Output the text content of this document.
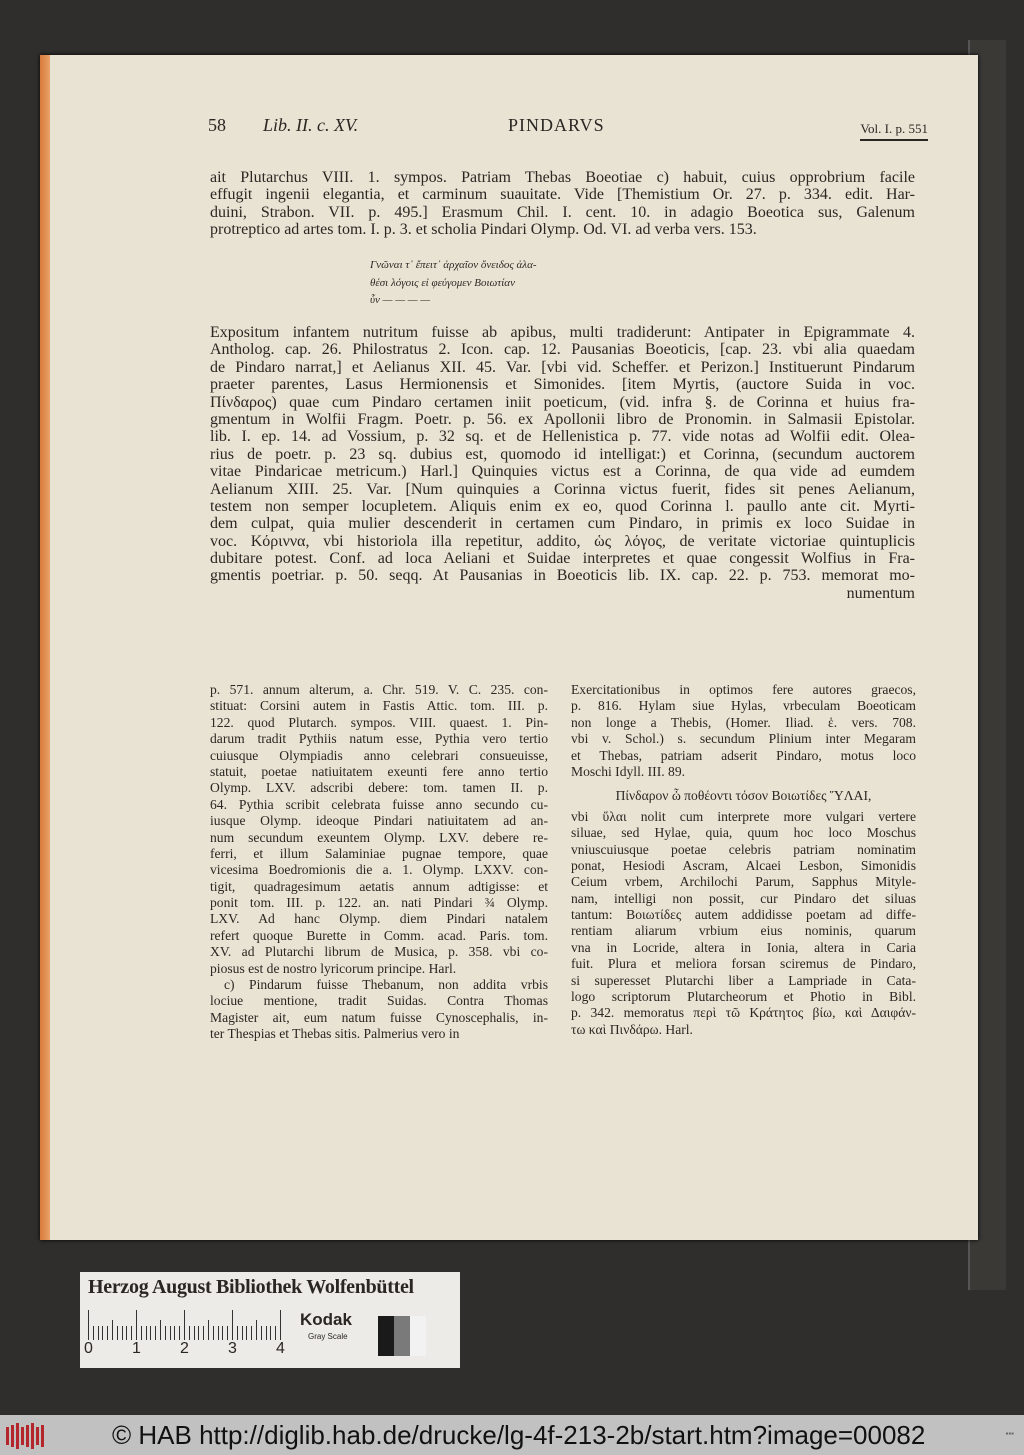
58 Lib. II. c. XV.	PINDARVS	Vol. I. p. 551
ait Plutarchus VIII. 1. sympos. Patriam Thebas Boeotiae c) habuit, cuius opprobrium facile
effugit ingenii elegantia, et carminum suauitate. Vide [Themistium Or. 27. p. 334. edit. Har-
duini, Strabon. VII. p. 495.] Erasmum Chil. I. cent. 10. in adagio Boeotica sus, Galenum
protreptico ad artes tom. I. p. 3. et scholia Pindari Olymp. Od. VI. ad verba vers. 153.
Γνῶναι τ᾽ ἔπειτ᾽ ἀρχαῖον ὄνειδος ἀλα-
θέσι λόγοις εἰ φεύγομεν Βοιωτίαν
ὗν — — — —
Expositum infantem nutritum fuisse ab apibus, multi tradiderunt: Antipater in Epigrammate 4.
Antholog. cap. 26. Philostratus 2. Icon. cap. 12. Pausanias Boeoticis, [cap. 23. vbi alia quaedam
de Pindaro narrat,] et Aelianus XII. 45. Var. [vbi vid. Scheffer. et Perizon.] Instituerunt Pindarum
praeter parentes, Lasus Hermionensis et Simonides. [item Myrtis, (auctore Suida in voc.
Πίνδαρος) quae cum Pindaro certamen iniit poeticum, (vid. infra §. de Corinna et huius fra-
gmentum in Wolfii Fragm. Poetr. p. 56. ex Apollonii libro de Pronomin. in Salmasii Epistolar.
lib. I. ep. 14. ad Vossium, p. 32 sq. et de Hellenistica p. 77. vide notas ad Wolfii edit. Olea-
rius de poetr. p. 23 sq. dubius est, quomodo id intelligat:) et Corinna, (secundum auctorem
vitae Pindaricae metricum.) Harl.] Quinquies victus est a Corinna, de qua vide ad eumdem
Aelianum XIII. 25. Var. [Num quinquies a Corinna victus fuerit, fides sit penes Aelianum,
testem non semper locupletem. Aliquis enim ex eo, quod Corinna l. paullo ante cit. Myrti-
dem culpat, quia mulier descenderit in certamen cum Pindaro, in primis ex loco Suidae in
voc. Κόριννα, vbi historiola illa repetitur, addito, ὡς λόγος, de veritate victoriae quintuplicis
dubitare potest. Conf. ad loca Aeliani et Suidae interpretes et quae congessit Wolfius in Fra-
gmentis poetriar. p. 50. seqq. At Pausanias in Boeoticis lib. IX. cap. 22. p. 753. memorat mo-
numentum
p. 571. annum alterum, a. Chr. 519. V. C. 235. con-
stituat: Corsini autem in Fastis Attic. tom. III. p.
122. quod Plutarch. sympos. VIII. quaest. 1. Pin-
darum tradit Pythiis natum esse, Pythia vero tertio
cuiusque Olympiadis anno celebrari consueuisse,
statuit, poetae natiuitatem exeunti fere anno tertio
Olymp. LXV. adscribi debere: tom. tamen II. p.
64. Pythia scribit celebrata fuisse anno secundo cu-
iusque Olymp. ideoque Pindari natiuitatem ad an-
num secundum exeuntem Olymp. LXV. debere re-
ferri, et illum Salaminiae pugnae tempore, quae
vicesima Boedromionis die a. 1. Olymp. LXXV. con-
tigit, quadragesimum aetatis annum adtigisse: et
ponit tom. III. p. 122. an. nati Pindari ¾ Olymp.
LXV. Ad hanc Olymp. diem Pindari natalem
refert quoque Burette in Comm. acad. Paris. tom.
XV. ad Plutarchi librum de Musica, p. 358. vbi co-
piosus est de nostro lyricorum principe. Harl.
c) Pindarum fuisse Thebanum, non addita vrbis
lociue mentione, tradit Suidas. Contra Thomas
Magister ait, eum natum fuisse Cynoscephalis, in-
ter Thespias et Thebas sitis. Palmerius vero in
Exercitationibus in optimos fere autores graecos,
p. 816. Hylam siue Hylas, vrbeculam Boeoticam
non longe a Thebis, (Homer. Iliad. ἑ. vers. 708.
vbi v. Schol.) s. secundum Plinium inter Megaram
et Thebas, patriam adserit Pindaro, motus loco
Moschi Idyll. III. 89.
Πίνδαρον ὦ ποθέοντι τόσον Βοιωτίδες ὝΛΑΙ,
vbi ὕλαι nolit cum interprete more vulgari vertere
siluae, sed Hylae, quia, quum hoc loco Moschus
vniuscuiusque poetae celebris patriam nominatim
ponat, Hesiodi Ascram, Alcaei Lesbon, Simonidis
Ceium vrbem, Archilochi Parum, Sapphus Mityle-
nam, intelligi non possit, cur Pindaro det siluas
tantum: Βοιωτίδες autem addidisse poetam ad diffe-
rentiam aliarum vrbium eius nominis, quarum
vna in Locride, altera in Ionia, altera in Caria
fuit. Plura et meliora forsan sciremus de Pindaro,
si superesset Plutarchi liber a Lampriade in Cata-
logo scriptorum Plutarcheorum et Photio in Bibl.
p. 342. memoratus περὶ τῶ Κράτητος βίω, καὶ Δαιφάν-
τω καὶ Πινδάρω. Harl.
Herzog August Bibliothek Wolfenbüttel
0 1 2 3 4
Kodak
Gray Scale
© HAB http://diglib.hab.de/drucke/lg-4f-213-2b/start.htm?image=00082	▪▪▪
